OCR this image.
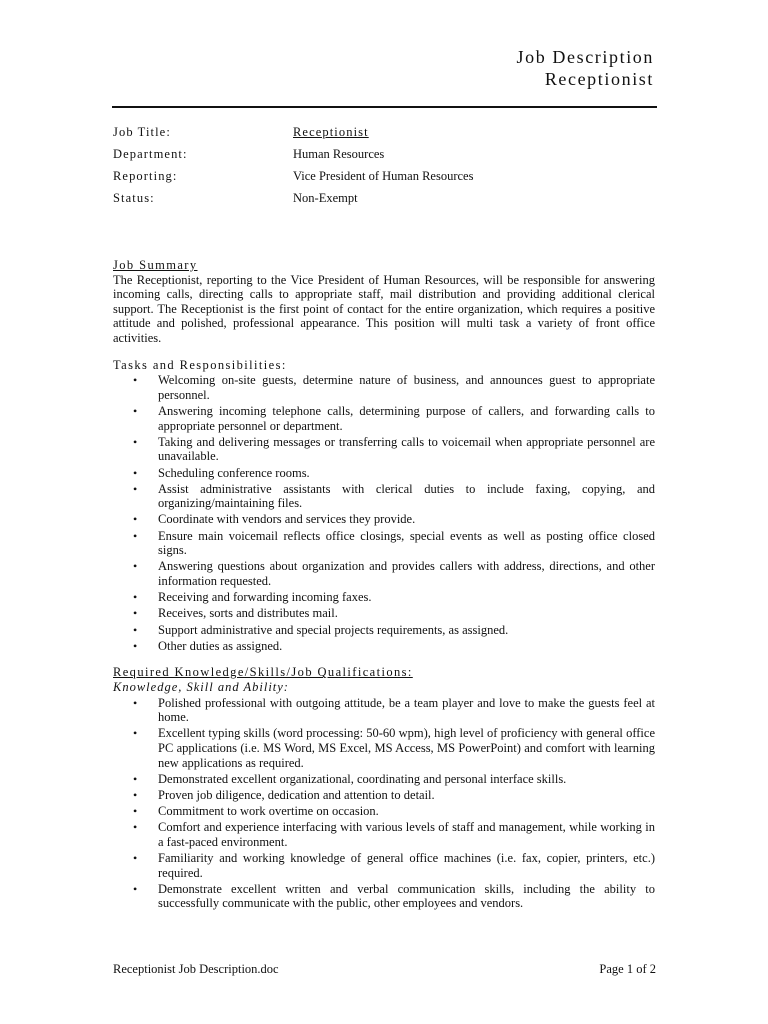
Job Description
Receptionist
Job Title:	Receptionist
Department:	Human Resources
Reporting:	Vice President of Human Resources
Status:	Non-Exempt

Job Summary

The Receptionist, reporting to the Vice President of Human Resources, will be responsible for answering incoming calls, directing calls to appropriate staff, mail distribution and providing additional clerical support. The Receptionist is the first point of contact for the entire organization, which requires a positive attitude and polished, professional appearance. This position will multi task a variety of front office activities.

Tasks and Responsibilities:

• Welcoming on-site guests, determine nature of business, and announces guest to appropriate personnel.
• Answering incoming telephone calls, determining purpose of callers, and forwarding calls to appropriate personnel or department.
• Taking and delivering messages or transferring calls to voicemail when appropriate personnel are unavailable.
• Scheduling conference rooms.
• Assist administrative assistants with clerical duties to include faxing, copying, and organizing/maintaining files.
• Coordinate with vendors and services they provide.
• Ensure main voicemail reflects office closings, special events as well as posting office closed signs.
• Answering questions about organization and provides callers with address, directions, and other information requested.
• Receiving and forwarding incoming faxes.
• Receives, sorts and distributes mail.
• Support administrative and special projects requirements, as assigned.
• Other duties as assigned.

Required Knowledge/Skills/Job Qualifications:

Knowledge, Skill and Ability:

• Polished professional with outgoing attitude, be a team player and love to make the guests feel at home.
• Excellent typing skills (word processing: 50-60 wpm), high level of proficiency with general office PC applications (i.e. MS Word, MS Excel, MS Access, MS PowerPoint) and comfort with learning new applications as required.
• Demonstrated excellent organizational, coordinating and personal interface skills.
• Proven job diligence, dedication and attention to detail.
• Commitment to work overtime on occasion.
• Comfort and experience interfacing with various levels of staff and management, while working in a fast-paced environment.
• Familiarity and working knowledge of general office machines (i.e. fax, copier, printers, etc.) required.
• Demonstrate excellent written and verbal communication skills, including the ability to successfully communicate with the public, other employees and vendors.
Receptionist Job Description.doc	Page 1 of 2
